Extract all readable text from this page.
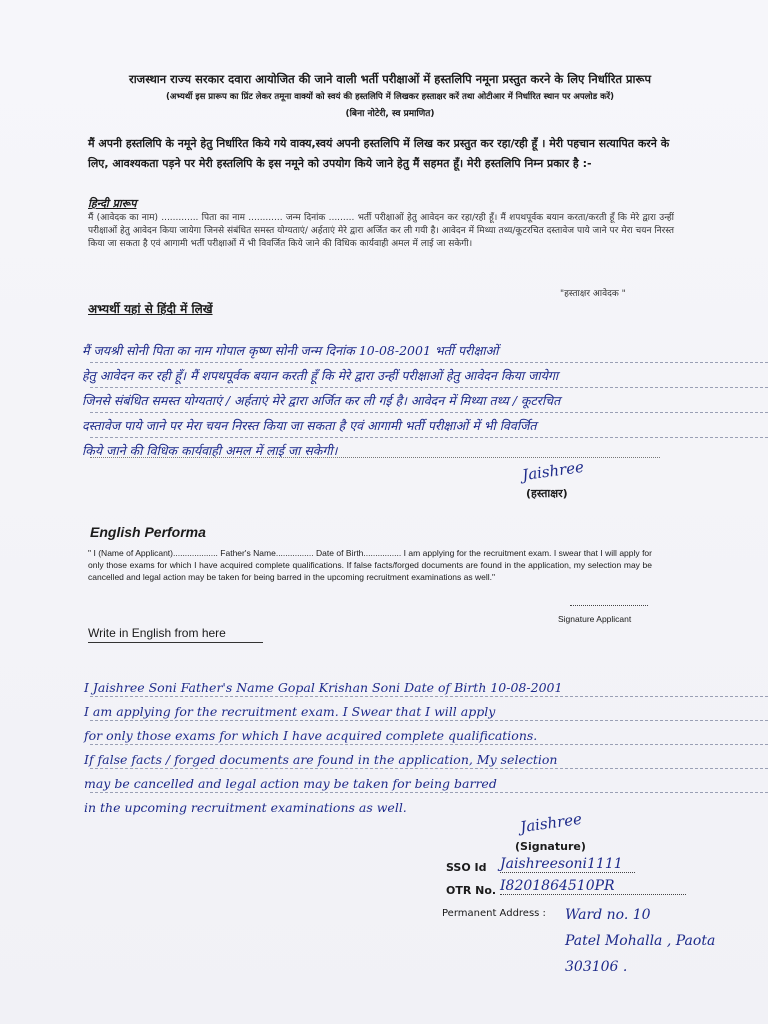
राजस्थान राज्य सरकार दवारा आयोजित की जाने वाली भर्ती परीक्षाओं में हस्तलिपि नमूना प्रस्तुत करने के लिए निर्धारित प्रारूप
(अभ्यर्थी इस प्रारूप का प्रिंट लेकर तमूना वाक्यों को स्वयं की हस्तलिपि में लिखकर हस्ताक्षर करें तथा ओटीआर में निर्धारित स्थान पर अपलोड करें)
(बिना नोटेरी, स्व प्रमाणित)
मैं अपनी हस्तलिपि के नमूने हेतु निर्धारित किये गये वाक्य,स्वयं अपनी हस्तलिपि में लिख कर प्रस्तुत कर रहा/रही हूँ । मेरी पहचान सत्यापित करने के लिए, आवश्यकता पड़ने पर मेरी हस्तलिपि के इस नमूने को उपयोग किये जाने हेतु मैं सहमत हूँ। मेरी हस्तलिपि निम्न प्रकार है :-
हिन्दी प्रारूप
मैं (आवेदक का नाम) ............. पिता का नाम ............ जन्म दिनांक ......... भर्ती परीक्षाओं हेतु आवेदन कर रहा/रही हूँ। मैं शपथपूर्वक बयान करता/करती हूँ कि मेरे द्वारा उन्हीं परीक्षाओं हेतु आवेदन किया जायेगा जिनसे संबंधित समस्त योग्यताएं/ अर्हताएं मेरे द्वारा अर्जित कर ली गयी है। आवेदन में मिथ्या तथ्य/कूटरचित दस्तावेज पाये जाने पर मेरा चयन निरस्त किया जा सकता है एवं आगामी भर्ती परीक्षाओं में भी विवर्जित किये जाने की विधिक कार्यवाही अमल में लाई जा सकेगी।
"हस्ताक्षर आवेदक "
अभ्यर्थी यहां से हिंदी में लिखें
मैं जयश्री सोनी पिता का नाम गोपाल कृष्ण सोनी जन्म दिनांक 10-08-2001 भर्ती परीक्षाओं
हेतु आवेदन कर रही हूँ। मैं शपथपूर्वक बयान करती हूँ कि मेरे द्वारा उन्हीं परीक्षाओं हेतु आवेदन किया जायेगा
जिनसे संबंधित समस्त योग्यताएं / अर्हताएं मेरे द्वारा अर्जित कर ली गई है। आवेदन में मिथ्या तथ्य / कूटरचित
दस्तावेज पाये जाने पर मेरा चयन निरस्त किया जा सकता है एवं आगामी भर्ती परीक्षाओं में भी विवर्जित
किये जाने की विधिक कार्यवाही अमल में लाई जा सकेगी।
Jaishree
(हस्ताक्षर)
English Performa
" I (Name of Applicant)................... Father's Name................ Date of Birth................ I am applying for the recruitment exam. I swear that I will apply for only those exams for which I have acquired complete qualifications. If false facts/forged documents are found in the application, my selection may be cancelled and legal action may be taken for being barred in the upcoming recruitment examinations as well."
Signature Applicant
Write in English from here
I Jaishree Soni Father's Name Gopal Krishan Soni Date of Birth 10-08-2001
I am applying for the recruitment exam. I Swear that I will apply
for only those exams for which I have acquired complete qualifications.
If false facts / forged documents are found in the application, My selection
may be cancelled and legal action may be taken for being barred
in the upcoming recruitment examinations as well.
Jaishree
(Signature)
SSO Id Jaishreesoni1111
OTR No. I8201864510PR
Permanent Address : Ward no. 10
Patel Mohalla , Paota
303106 .
